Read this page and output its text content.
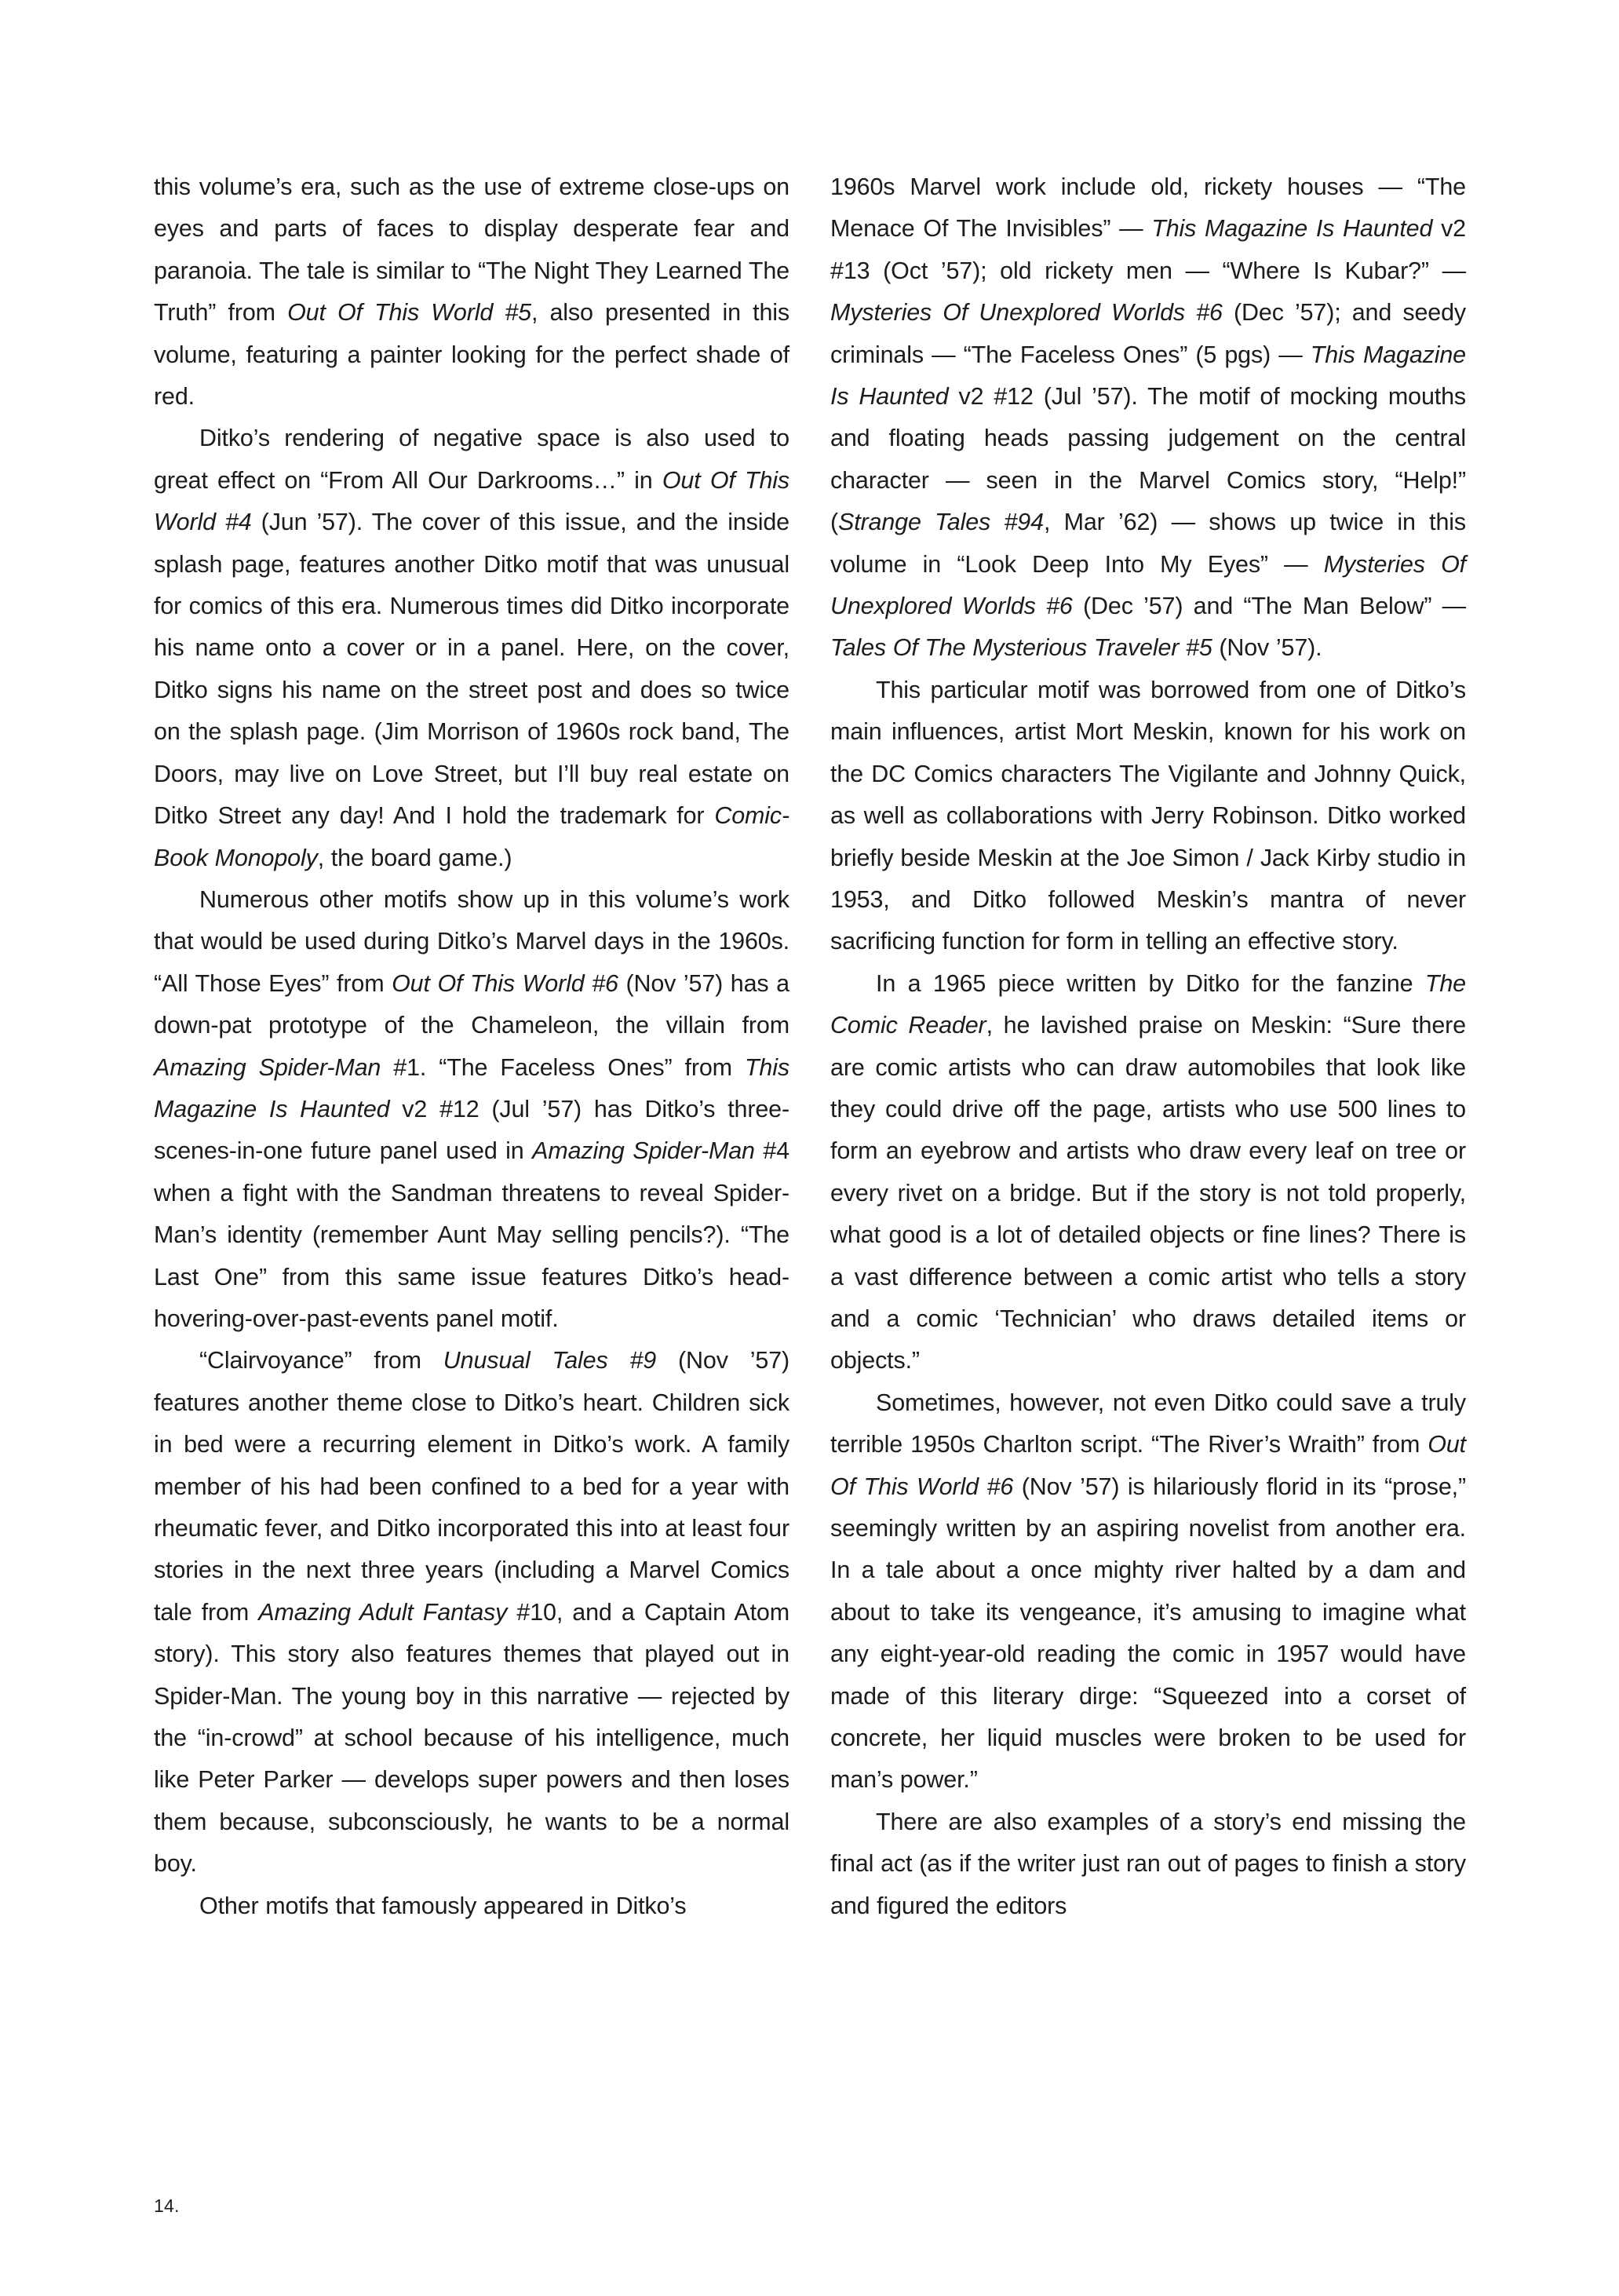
this volume’s era, such as the use of extreme close-ups on eyes and parts of faces to display desperate fear and paranoia. The tale is similar to “The Night They Learned The Truth” from Out Of This World #5, also presented in this volume, featuring a painter looking for the perfect shade of red.

Ditko’s rendering of negative space is also used to great effect on “From All Our Darkrooms…” in Out Of This World #4 (Jun ’57). The cover of this issue, and the inside splash page, features another Ditko motif that was unusual for comics of this era. Numerous times did Ditko incorporate his name onto a cover or in a panel. Here, on the cover, Ditko signs his name on the street post and does so twice on the splash page. (Jim Morrison of 1960s rock band, The Doors, may live on Love Street, but I’ll buy real estate on Ditko Street any day! And I hold the trademark for Comic-Book Monopoly, the board game.)

Numerous other motifs show up in this volume’s work that would be used during Ditko’s Marvel days in the 1960s. “All Those Eyes” from Out Of This World #6 (Nov ’57) has a down-pat prototype of the Chameleon, the villain from Amazing Spider-Man #1. “The Faceless Ones” from This Magazine Is Haunted v2 #12 (Jul ’57) has Ditko’s three-scenes-in-one future panel used in Amazing Spider-Man #4 when a fight with the Sandman threatens to reveal Spider-Man’s identity (remember Aunt May selling pencils?). “The Last One” from this same issue features Ditko’s head-hovering-over-past-events panel motif.

“Clairvoyance” from Unusual Tales #9 (Nov ’57) features another theme close to Ditko’s heart. Children sick in bed were a recurring element in Ditko’s work. A family member of his had been confined to a bed for a year with rheumatic fever, and Ditko incorporated this into at least four stories in the next three years (including a Marvel Comics tale from Amazing Adult Fantasy #10, and a Captain Atom story). This story also features themes that played out in Spider-Man. The young boy in this narrative — rejected by the “in-crowd” at school because of his intelligence, much like Peter Parker — develops super powers and then loses them because, subconsciously, he wants to be a normal boy.

Other motifs that famously appeared in Ditko’s

1960s Marvel work include old, rickety houses — “The Menace Of The Invisibles” — This Magazine Is Haunted v2 #13 (Oct ’57); old rickety men — “Where Is Kubar?” — Mysteries Of Unexplored Worlds #6 (Dec ’57); and seedy criminals — “The Faceless Ones” (5 pgs) — This Magazine Is Haunted v2 #12 (Jul ’57). The motif of mocking mouths and floating heads passing judgement on the central character — seen in the Marvel Comics story, “Help!” (Strange Tales #94, Mar ’62) — shows up twice in this volume in “Look Deep Into My Eyes” — Mysteries Of Unexplored Worlds #6 (Dec ’57) and “The Man Below” — Tales Of The Mysterious Traveler #5 (Nov ’57).

This particular motif was borrowed from one of Ditko’s main influences, artist Mort Meskin, known for his work on the DC Comics characters The Vigilante and Johnny Quick, as well as collaborations with Jerry Robinson. Ditko worked briefly beside Meskin at the Joe Simon / Jack Kirby studio in 1953, and Ditko followed Meskin’s mantra of never sacrificing function for form in telling an effective story.

In a 1965 piece written by Ditko for the fanzine The Comic Reader, he lavished praise on Meskin: “Sure there are comic artists who can draw automobiles that look like they could drive off the page, artists who use 500 lines to form an eyebrow and artists who draw every leaf on tree or every rivet on a bridge. But if the story is not told properly, what good is a lot of detailed objects or fine lines? There is a vast difference between a comic artist who tells a story and a comic ‘Technician’ who draws detailed items or objects.”

Sometimes, however, not even Ditko could save a truly terrible 1950s Charlton script. “The River’s Wraith” from Out Of This World #6 (Nov ’57) is hilariously florid in its “prose,” seemingly written by an aspiring novelist from another era. In a tale about a once mighty river halted by a dam and about to take its vengeance, it’s amusing to imagine what any eight-year-old reading the comic in 1957 would have made of this literary dirge: “Squeezed into a corset of concrete, her liquid muscles were broken to be used for man’s power.”

There are also examples of a story’s end missing the final act (as if the writer just ran out of pages to finish a story and figured the editors

14.
